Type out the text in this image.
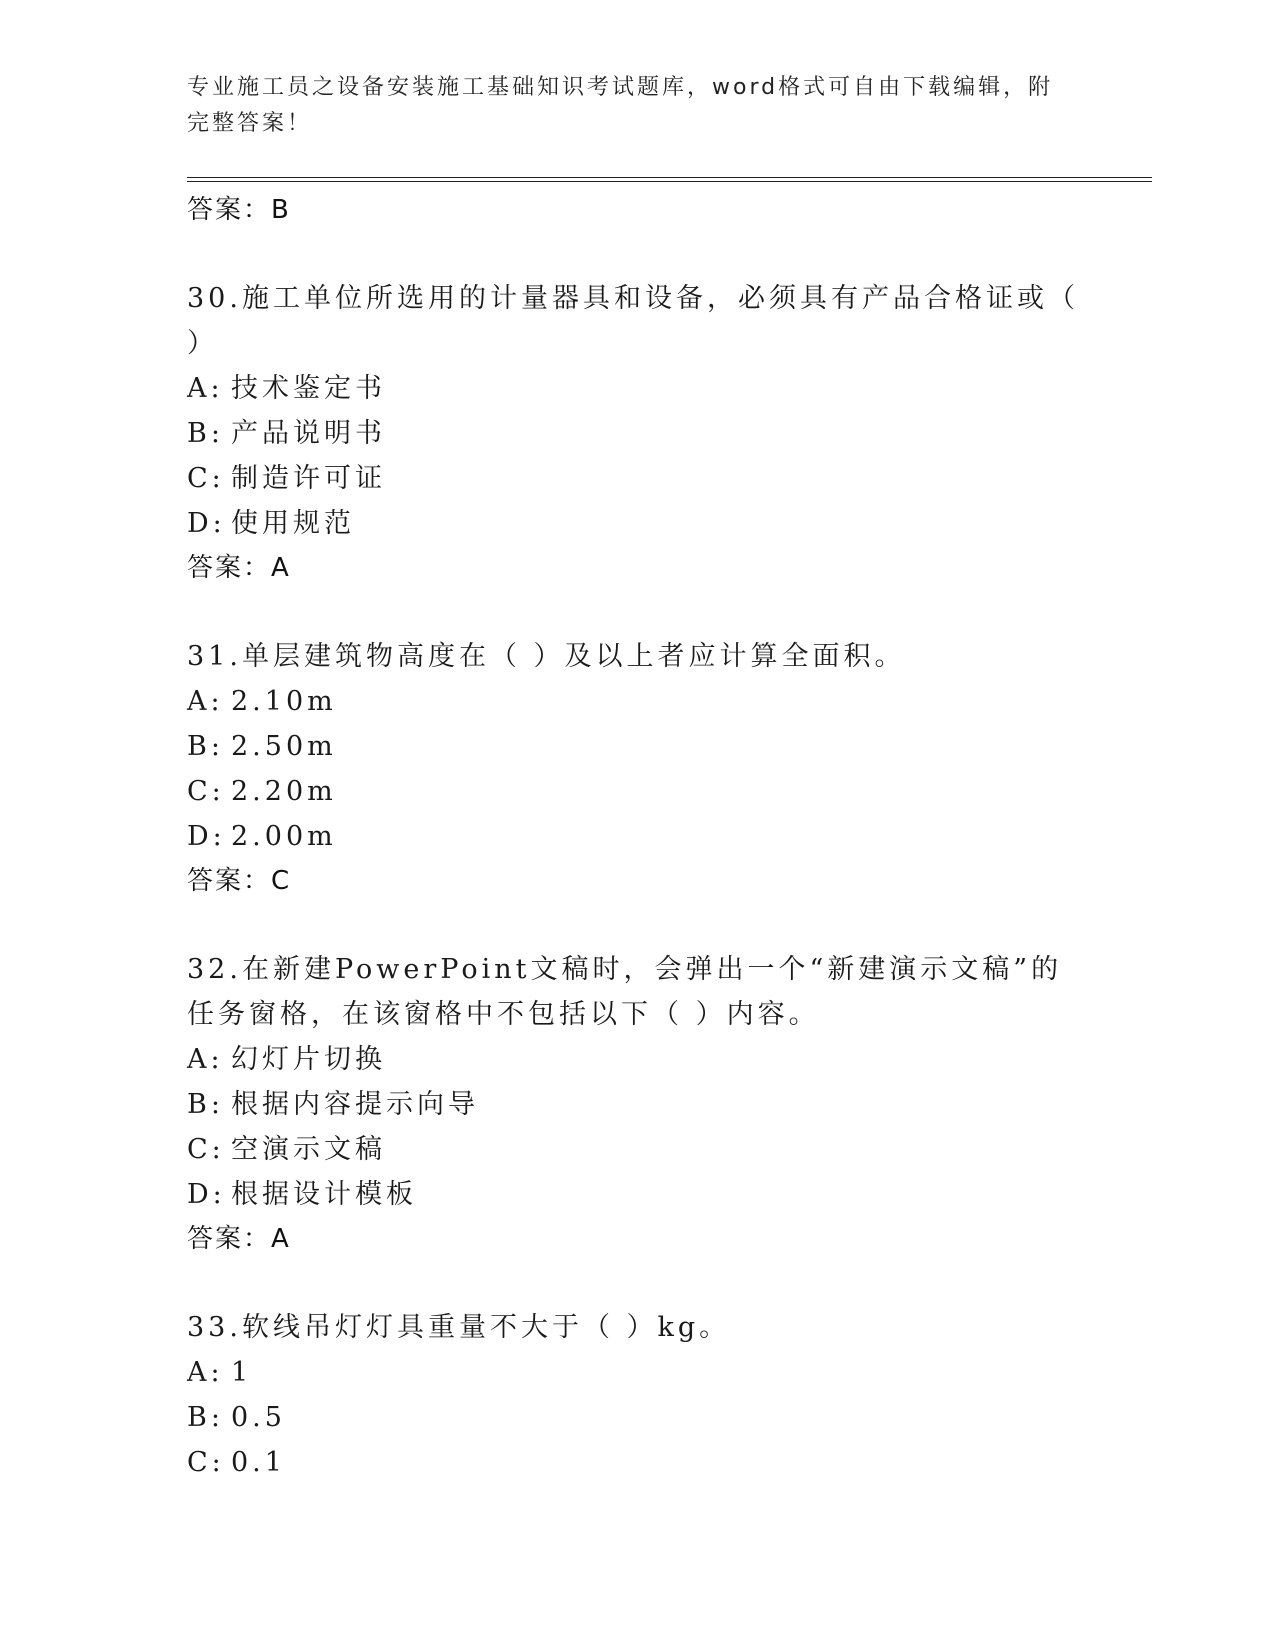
专业施工员之设备安装施工基础知识考试题库，word格式可自由下载编辑，附完整答案！
答案：B
30.施工单位所选用的计量器具和设备，必须具有产品合格证或（ ）
A: 技术鉴定书
B: 产品说明书
C: 制造许可证
D: 使用规范
答案：A
31.单层建筑物高度在（ ）及以上者应计算全面积。
A: 2.10m
B: 2.50m
C: 2.20m
D: 2.00m
答案：C
32.在新建PowerPoint文稿时，会弹出一个“新建演示文稿”的任务窗格，在该窗格中不包括以下（ ）内容。
A: 幻灯片切换
B: 根据内容提示向导
C: 空演示文稿
D: 根据设计模板
答案：A
33.软线吊灯灯具重量不大于（ ）kg。
A: 1
B: 0.5
C: 0.1
